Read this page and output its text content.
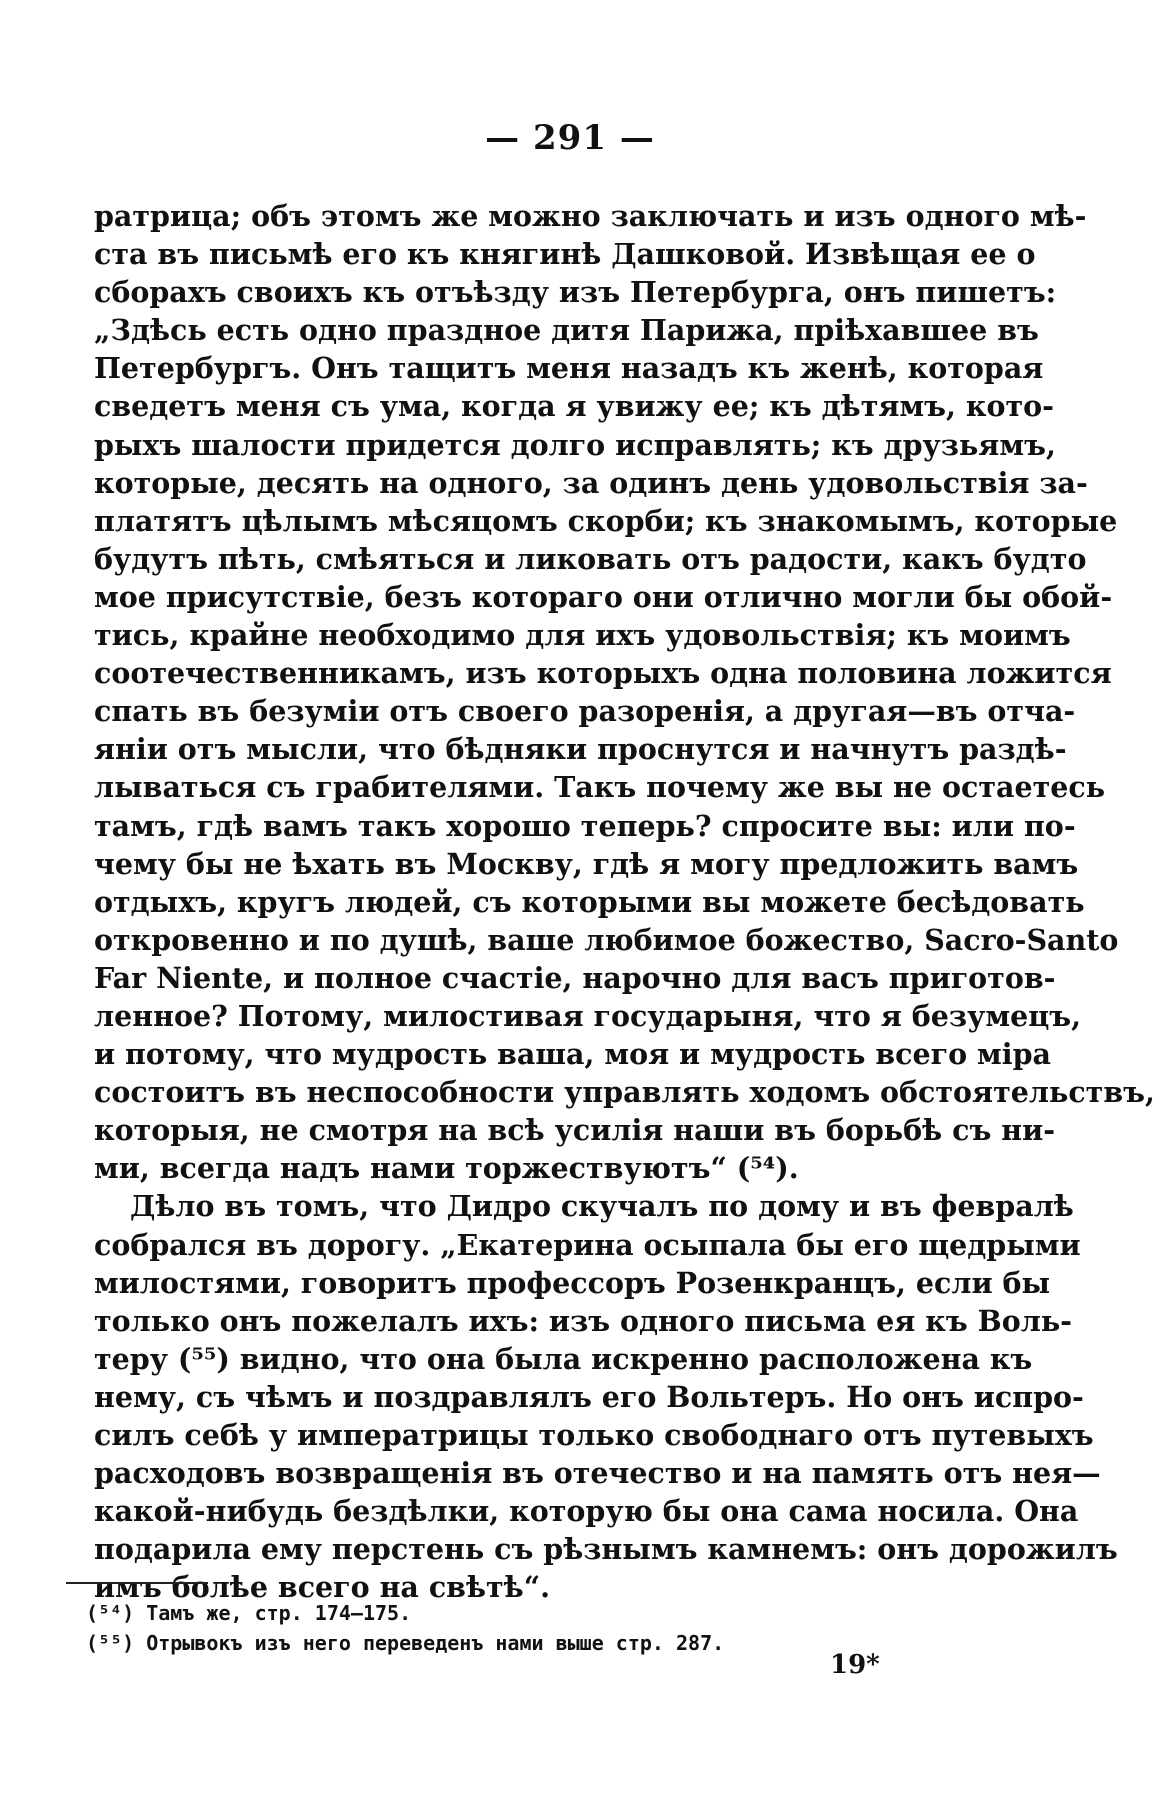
— 291 —
ратрица; объ этомъ же можно заключать и изъ одного мѣ-
ста въ письмѣ его къ княгинѣ Дашковой. Извѣщая ее о
сборахъ своихъ къ отъѣзду изъ Петербурга, онъ пишетъ:
„Здѣсь есть одно праздное дитя Парижа, пріѣхавшее въ
Петербургъ. Онъ тащитъ меня назадъ къ женѣ, которая
сведетъ меня съ ума, когда я увижу ее; къ дѣтямъ, кото-
рыхъ шалости придется долго исправлять; къ друзьямъ,
которые, десять на одного, за одинъ день удовольствія за-
платятъ цѣлымъ мѣсяцомъ скорби; къ знакомымъ, которые
будутъ пѣть, смѣяться и ликовать отъ радости, какъ будто
мое присутствіе, безъ котораго они отлично могли бы обой-
тись, крайне необходимо для ихъ удовольствія; къ моимъ
соотечественникамъ, изъ которыхъ одна половина ложится
спать въ безуміи отъ своего разоренія, а другая—въ отча-
яніи отъ мысли, что бѣдняки проснутся и начнутъ раздѣ-
лываться съ грабителями. Такъ почему же вы не остаетесь
тамъ, гдѣ вамъ такъ хорошо теперь? спросите вы: или по-
чему бы не ѣхать въ Москву, гдѣ я могу предложить вамъ
отдыхъ, кругъ людей, съ которыми вы можете бесѣдовать
откровенно и по душѣ, ваше любимое божество, Sacro-Santo
Far Niente, и полное счастіе, нарочно для васъ приготов-
ленное? Потому, милостивая государыня, что я безумецъ,
и потому, что мудрость ваша, моя и мудрость всего міра
состоитъ въ неспособности управлять ходомъ обстоятельствъ,
которыя, не смотря на всѣ усилія наши въ борьбѣ съ ни-
ми, всегда надъ нами торжествуютъ“ (⁵⁴).
Дѣло въ томъ, что Дидро скучалъ по дому и въ февралѣ
собрался въ дорогу. „Екатерина осыпала бы его щедрыми
милостями, говоритъ профессоръ Розенкранцъ, если бы
только онъ пожелалъ ихъ: изъ одного письма ея къ Воль-
теру (⁵⁵) видно, что она была искренно расположена къ
нему, съ чѣмъ и поздравлялъ его Вольтеръ. Но онъ испро-
силъ себѣ у императрицы только свободнаго отъ путевыхъ
расходовъ возвращенія въ отечество и на память отъ нея—
какой-нибудь бездѣлки, которую бы она сама носила. Она
подарила ему перстень съ рѣзнымъ камнемъ: онъ дорожилъ
имъ болѣе всего на свѣтѣ“.
(⁵⁴) Тамъ же, стр. 174—175.
(⁵⁵) Отрывокъ изъ него переведенъ нами выше стр. 287.
19*
